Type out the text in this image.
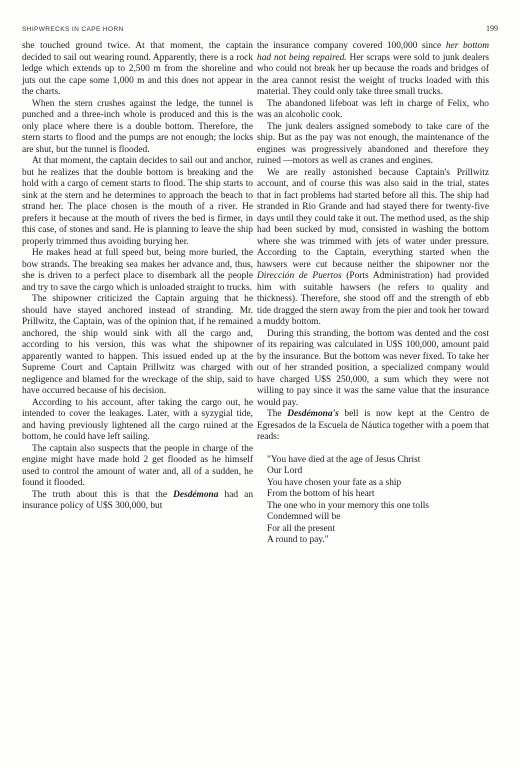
SHIPWRECKS IN CAPE HORN	199

she touched ground twice. At that moment, the captain decided to sail out wearing round. Apparently, there is a rock ledge which extends up to 2,500 m from the shoreline and juts out the cape some 1,000 m and this does not appear in the charts.

When the stern crushes against the ledge, the tunnel is punched and a three-inch whole is produced and this is the only place where there is a double bottom. Therefore, the stern starts to flood and the pumps are not enough; the locks are shut, but the tunnel is flooded.

At that moment, the captain decides to sail out and anchor, but he realizes that the double bottom is breaking and the hold with a cargo of cement starts to flood. The ship starts to sink at the stern and he determines to approach the beach to strand her. The place chosen is the mouth of a river. He prefers it because at the mouth of rivers the bed is firmer, in this case, of stones and sand. He is planning to leave the ship properly trimmed thus avoiding burying her.

He makes head at full speed but, being more buried, the bow strands. The breaking sea makes her advance and, thus, she is driven to a perfect place to disembark all the people and try to save the cargo which is unloaded straight to trucks.

The shipowner criticized the Captain arguing that he should have stayed anchored instead of stranding. Mr. Prillwitz, the Captain, was of the opinion that, if he remained anchored, the ship would sink with all the cargo and, according to his version, this was what the shipowner apparently wanted to happen. This issued ended up at the Supreme Court and Captain Prillwitz was charged with negligence and blamed for the wreckage of the ship, said to have occurred because of his decision.

According to his account, after taking the cargo out, he intended to cover the leakages. Later, with a syzygial tide, and having previously lightened all the cargo ruined at the bottom, he could have left sailing.

The captain also suspects that the people in charge of the engine might have made hold 2 get flooded as he himself used to control the amount of water and, all of a sudden, he found it flooded.

The truth about this is that the Desdémona had an insurance policy of U$S 300,000, but

the insurance company covered 100,000 since her bottom had not being repaired. Her scraps were sold to junk dealers who could not break her up because the roads and bridges of the area cannot resist the weight of trucks loaded with this material. They could only take three small trucks.

The abandoned lifeboat was left in charge of Felix, who was an alcoholic cook.

The junk dealers assigned somebody to take care of the ship. But as the pay was not enough, the maintenance of the engines was progressively abandoned and therefore they ruined —motors as well as cranes and engines.

We are really astonished because Captain's Prillwitz account, and of course this was also said in the trial, states that in fact problems had started before all this. The ship had stranded in Rio Grande and had stayed there for twenty-five days until they could take it out. The method used, as the ship had been sucked by mud, consisted in washing the bottom where she was trimmed with jets of water under pressure. According to the Captain, everything started when the hawsers were cut because neither the shipowner nor the Dirección de Puertos (Ports Administration) had provided him with suitable hawsers (he refers to quality and thickness). Therefore, she stood off and the strength of ebb tide dragged the stern away from the pier and took her toward a muddy bottom.

During this stranding, the bottom was dented and the cost of its repairing was calculated in U$S 100,000, amount paid by the insurance. But the bottom was never fixed. To take her out of her stranded position, a specialized company would have charged U$S 250,000, a sum which they were not willing to pay since it was the same value that the insurance would pay.

The Desdémona's bell is now kept at the Centro de Egresados de la Escuela de Náutica together with a poem that reads:

"You have died at the age of Jesus Christ
Our Lord
You have chosen your fate as a ship
From the bottom of his heart
The one who in your memory this one tolls
Condemned will be
For all the present
A round to pay."
